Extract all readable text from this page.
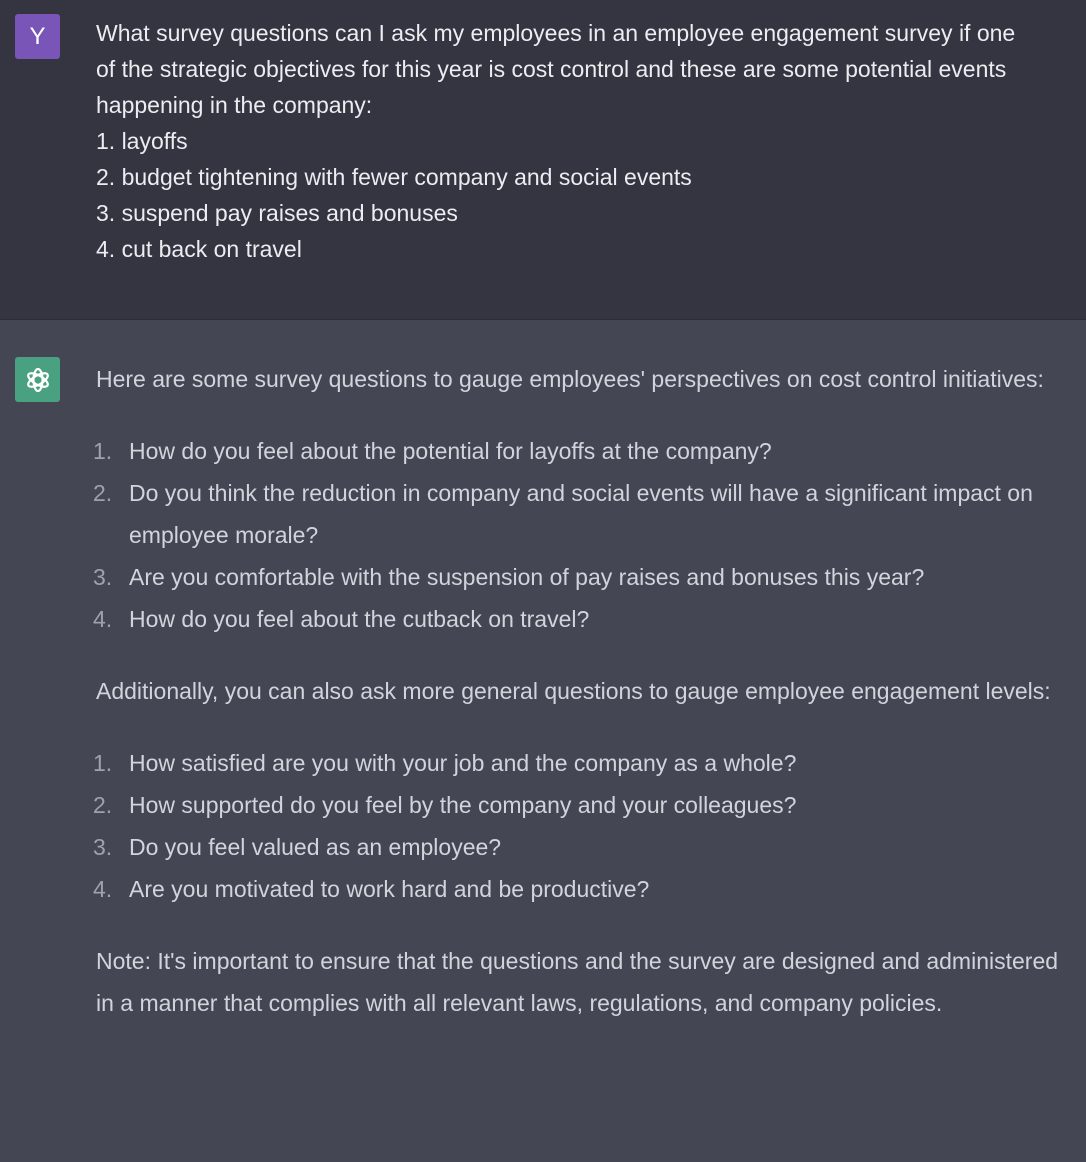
Y What survey questions can I ask my employees in an employee engagement survey if one
of the strategic objectives for this year is cost control and these are some potential events
happening in the company:
1. layoffs
2. budget tightening with fewer company and social events
3. suspend pay raises and bonuses
4. cut back on travel

Here are some survey questions to gauge employees' perspectives on cost control initiatives:

1. How do you feel about the potential for layoffs at the company?
2. Do you think the reduction in company and social events will have a significant impact on employee morale?
3. Are you comfortable with the suspension of pay raises and bonuses this year?
4. How do you feel about the cutback on travel?

Additionally, you can also ask more general questions to gauge employee engagement levels:

1. How satisfied are you with your job and the company as a whole?
2. How supported do you feel by the company and your colleagues?
3. Do you feel valued as an employee?
4. Are you motivated to work hard and be productive?

Note: It's important to ensure that the questions and the survey are designed and administered in a manner that complies with all relevant laws, regulations, and company policies.
